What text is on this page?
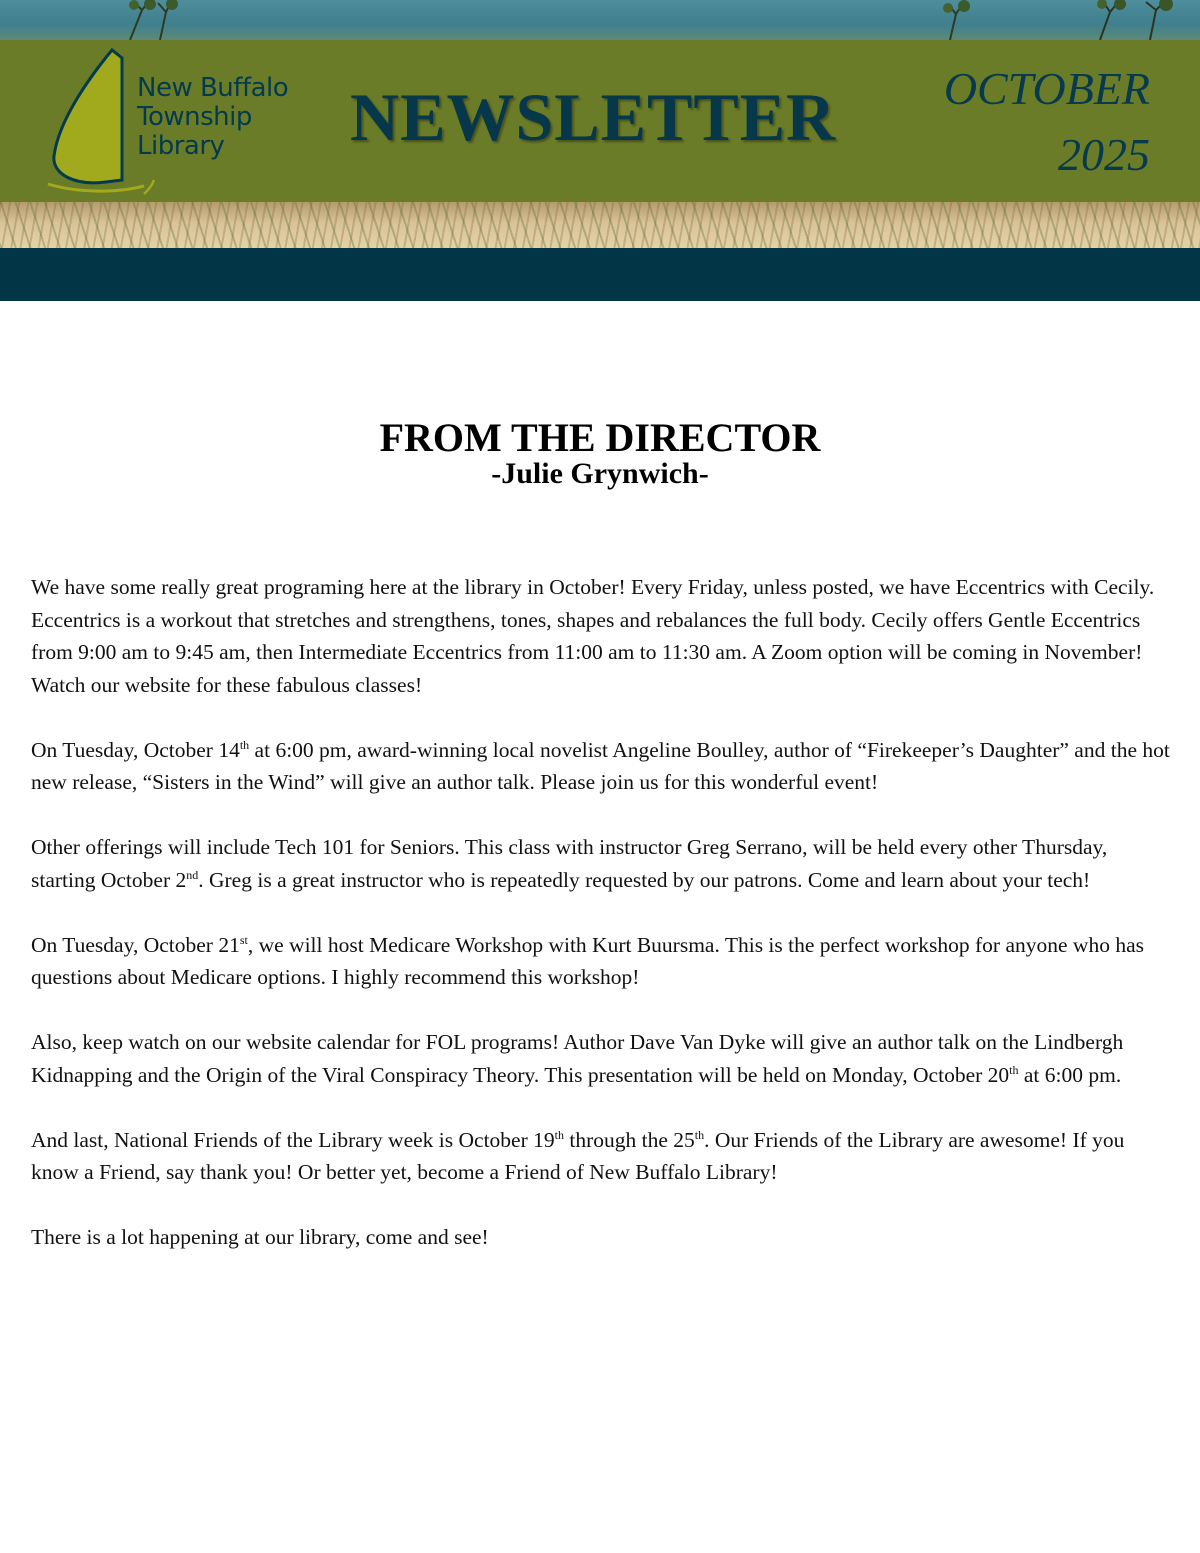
New Buffalo
Township
Library	NEWSLETTER OCTOBER
2025
FROM THE DIRECTOR
-Julie Grynwich-

We have some really great programing here at the library in October! Every Friday, unless posted, we have Eccentrics with Cecily. Eccentrics is a workout that stretches and strengthens, tones, shapes and rebalances the full body. Cecily offers Gentle Eccentrics from 9:00 am to 9:45 am, then Intermediate Eccentrics from 11:00 am to 11:30 am. A Zoom option will be coming in November! Watch our website for these fabulous classes!

On Tuesday, October 14th at 6:00 pm, award-winning local novelist Angeline Boulley, author of “Firekeeper’s Daughter” and the hot new release, “Sisters in the Wind” will give an author talk. Please join us for this wonderful event!

Other offerings will include Tech 101 for Seniors. This class with instructor Greg Serrano, will be held every other Thursday, starting October 2nd. Greg is a great instructor who is repeatedly requested by our patrons. Come and learn about your tech!

On Tuesday, October 21st, we will host Medicare Workshop with Kurt Buursma. This is the perfect workshop for anyone who has questions about Medicare options. I highly recommend this workshop!

Also, keep watch on our website calendar for FOL programs! Author Dave Van Dyke will give an author talk on the Lindbergh Kidnapping and the Origin of the Viral Conspiracy Theory. This presentation will be held on Monday, October 20th at 6:00 pm.

And last, National Friends of the Library week is October 19th through the 25th. Our Friends of the Library are awesome! If you know a Friend, say thank you! Or better yet, become a Friend of New Buffalo Library!

There is a lot happening at our library, come and see!
